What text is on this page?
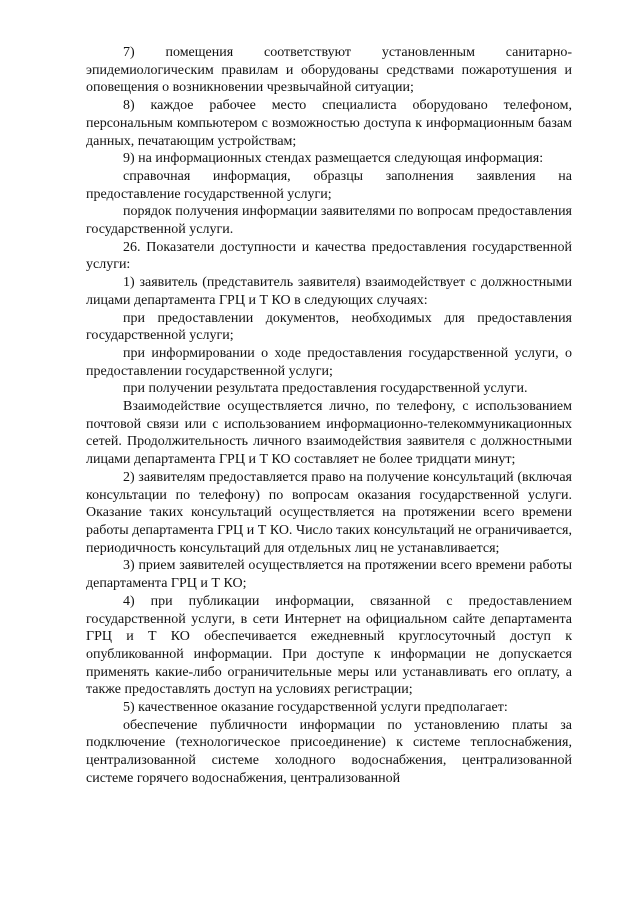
7) помещения соответствуют установленным санитарно-эпидемиологическим правилам и оборудованы средствами пожаротушения и оповещения о возникновении чрезвычайной ситуации;

8) каждое рабочее место специалиста оборудовано телефоном, персональным компьютером с возможностью доступа к информационным базам данных, печатающим устройствам;

9) на информационных стендах размещается следующая информация:

справочная информация, образцы заполнения заявления на предоставление государственной услуги;

порядок получения информации заявителями по вопросам предоставления государственной услуги.

26. Показатели доступности и качества предоставления государственной услуги:

1) заявитель (представитель заявителя) взаимодействует с должностными лицами департамента ГРЦ и Т КО в следующих случаях:

при предоставлении документов, необходимых для предоставления государственной услуги;

при информировании о ходе предоставления государственной услуги, о предоставлении государственной услуги;

при получении результата предоставления государственной услуги.

Взаимодействие осуществляется лично, по телефону, с использованием почтовой связи или с использованием информационно-телекоммуникационных сетей. Продолжительность личного взаимодействия заявителя с должностными лицами департамента ГРЦ и Т КО составляет не более тридцати минут;

2) заявителям предоставляется право на получение консультаций (включая консультации по телефону) по вопросам оказания государственной услуги. Оказание таких консультаций осуществляется на протяжении всего времени работы департамента ГРЦ и Т КО. Число таких консультаций не ограничивается, периодичность консультаций для отдельных лиц не устанавливается;

3) прием заявителей осуществляется на протяжении всего времени работы департамента ГРЦ и Т КО;

4) при публикации информации, связанной с предоставлением государственной услуги, в сети Интернет на официальном сайте департамента ГРЦ и Т КО обеспечивается ежедневный круглосуточный доступ к опубликованной информации. При доступе к информации не допускается применять какие-либо ограничительные меры или устанавливать его оплату, а также предоставлять доступ на условиях регистрации;

5) качественное оказание государственной услуги предполагает:

обеспечение публичности информации по установлению платы за подключение (технологическое присоединение) к системе теплоснабжения, централизованной системе холодного водоснабжения, централизованной системе горячего водоснабжения, централизованной
